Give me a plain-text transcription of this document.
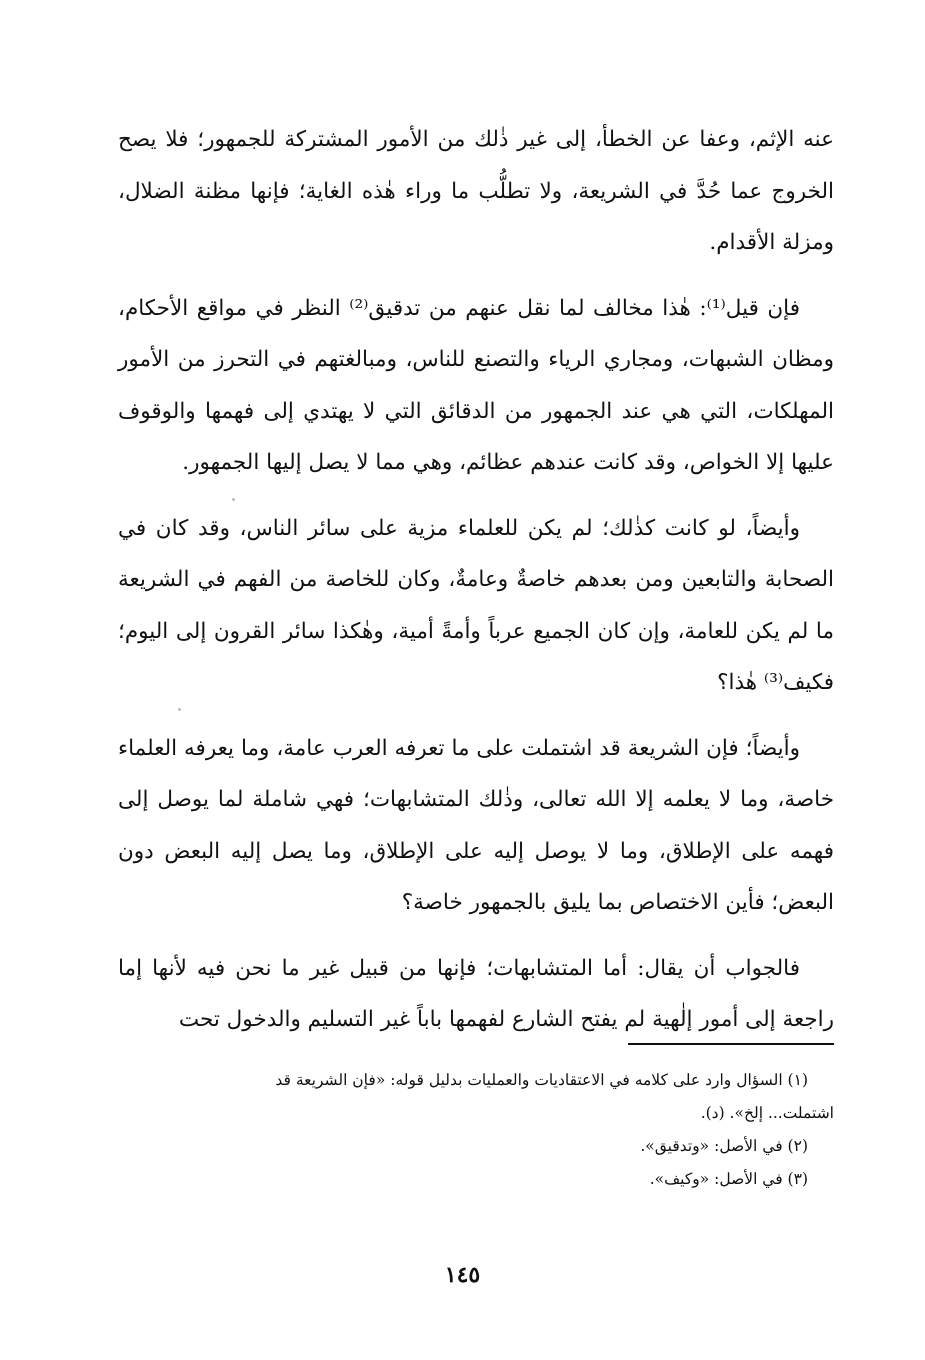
عنه الإثم، وعفا عن الخطأ، إلى غير ذٰلك من الأمور المشتركة للجمهور؛ فلا يصح الخروج عما حُدَّ في الشريعة، ولا تطلُّب ما وراء هٰذه الغاية؛ فإنها مظنة الضلال، ومزلة الأقدام.

فإن قيل⁽¹⁾: هٰذا مخالف لما نقل عنهم من تدقيق⁽²⁾ النظر في مواقع الأحكام، ومظان الشبهات، ومجاري الرياء والتصنع للناس، ومبالغتهم في التحرز من الأمور المهلكات، التي هي عند الجمهور من الدقائق التي لا يهتدي إلى فهمها والوقوف عليها إلا الخواص، وقد كانت عندهم عظائم، وهي مما لا يصل إليها الجمهور.

وأيضاً، لو كانت كذٰلك؛ لم يكن للعلماء مزية على سائر الناس، وقد كان في الصحابة والتابعين ومن بعدهم خاصةٌ وعامةٌ، وكان للخاصة من الفهم في الشريعة ما لم يكن للعامة، وإن كان الجميع عرباً وأمةً أمية، وهٰكذا سائر القرون إلى اليوم؛ فكيف⁽³⁾ هٰذا؟

وأيضاً؛ فإن الشريعة قد اشتملت على ما تعرفه العرب عامة، وما يعرفه العلماء خاصة، وما لا يعلمه إلا الله تعالى، وذٰلك المتشابهات؛ فهي شاملة لما يوصل إلى فهمه على الإطلاق، وما لا يوصل إليه على الإطلاق، وما يصل إليه البعض دون البعض؛ فأين الاختصاص بما يليق بالجمهور خاصة؟

فالجواب أن يقال: أما المتشابهات؛ فإنها من قبيل غير ما نحن فيه لأنها إما راجعة إلى أمور إلٰهية لم يفتح الشارع لفهمها باباً غير التسليم والدخول تحت

(١) السؤال وارد على كلامه في الاعتقاديات والعمليات بدليل قوله: «فإن الشريعة قد
اشتملت... إلخ». (د).
(٢) في الأصل: «وتدقيق».
(٣) في الأصل: «وكيف».
١٤٥
